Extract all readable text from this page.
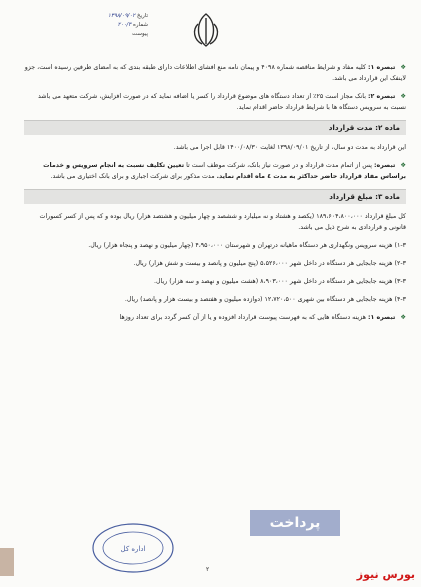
تاریخ ۱۳۹۸/۰۹/۰۲
شماره ۲۰۰/۳
پیوست

❖ تبصره ۱: کلیه مفاد و شرایط مناقصه شماره ۴۰۹۸ و پیمان نامه منع افشای اطلاعات دارای طبقه بندی که به امضای طرفین رسیده است، جزو لاینفک این قرارداد می باشد.

❖ تبصره ۲: بانک مجاز است ۲۵٪ از تعداد دستگاه های موضوع قرارداد را کسر یا اضافه نماید که در صورت افزایش، شرکت متعهد می باشد نسبت به سرویس دستگاه ها با شرایط قرارداد حاضر اقدام نماید.

ماده ۲: مدت قرارداد

این قرارداد به مدت دو سال، از تاریخ ۱۳۹۸/۰۹/۰۱ لغایت ۱۴۰۰/۰۸/۳۰ قابل اجرا می باشد.

❖ تبصره: پس از اتمام مدت قرارداد و در صورت نیاز بانک، شرکت موظف است تا تعیین تکلیف نسبت به انجام سرویس و خدمات براساس مفاد قرارداد حاضر حداکثر به مدت ٤ ماه اقدام نماید. مدت مذکور برای شرکت اجباری و برای بانک اختیاری می باشد.

ماده ۳: مبلغ قرارداد

کل مبلغ قرارداد ۱۸۹،۶۰۴،۸۰۰،۰۰۰ (یکصد و هشتاد و نه میلیارد و ششصد و چهار میلیون و هشتصد هزار) ریال بوده و که پس از کسر کسورات قانونی و قراردادی به شرح ذیل می باشد.

۱-۳) هزینه سرویس ونگهداری هر دستگاه ماهیانه درتهران و شهرستان ۴،۹۵۰،۰۰۰ (چهار میلیون و نهصد و پنجاه هزار) ریال.

۲-۳) هزینه جابجایی هر دستگاه در داخل شهر ۵،۵۲۶،۰۰۰ (پنج میلیون و پانصد و بیست و شش هزار) ریال.

۳-۳) هزینه جابجایی هر دستگاه در داخل شهر ۸،۹۰۳،۰۰۰ (هشت میلیون و نهصد و سه هزار) ریال.

۴-۳) هزینه جابجایی هر دستگاه بین شهری ۱۲،۷۲۰،۵۰۰ (دوازده میلیون و هفتصد و بیست هزار و پانصد) ریال.

❖ تبصره ۱: هزینه دستگاه هایی که به فهرست پیوست قرارداد افزوده و یا از آن کسر گردد برای تعداد روزها

پرداخت
اداره کل
۲	بورس نیوز
